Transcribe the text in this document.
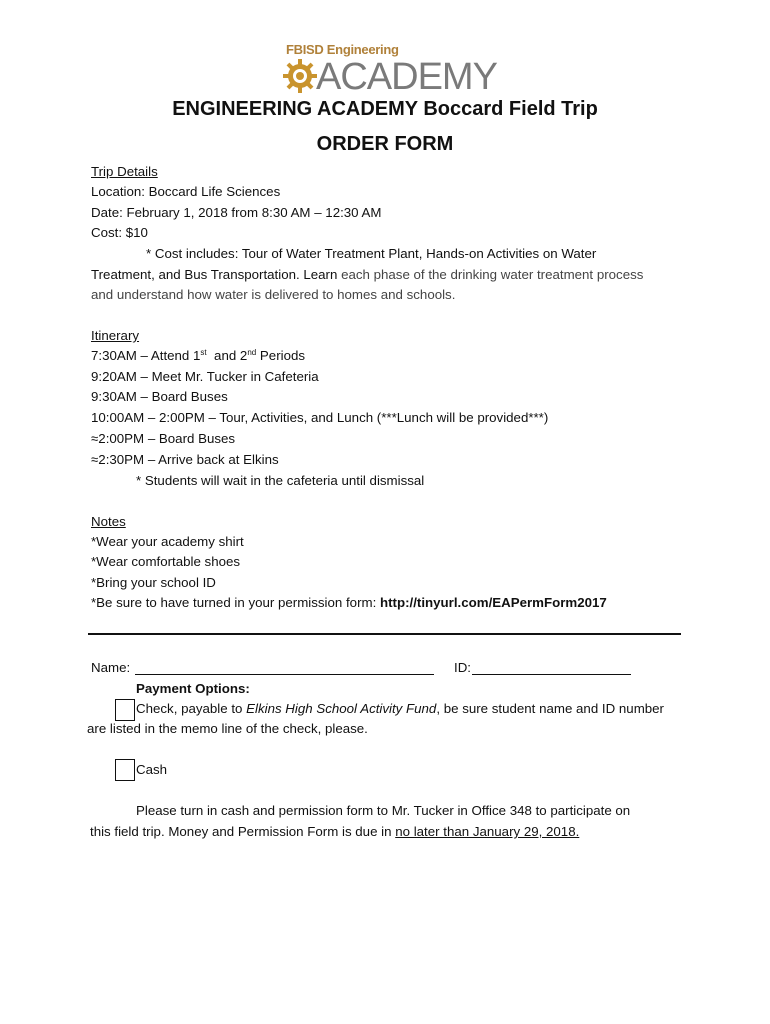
FBISD Engineering
ACADEMY
ENGINEERING ACADEMY Boccard Field Trip
ORDER FORM
Trip Details
Location: Boccard Life Sciences
Date: February 1, 2018 from 8:30 AM – 12:30 AM
Cost: $10
* Cost includes: Tour of Water Treatment Plant, Hands-on Activities on Water
Treatment, and Bus Transportation. Learn each phase of the drinking water treatment process
and understand how water is delivered to homes and schools.
Itinerary
7:30AM – Attend 1st  and 2nd Periods
9:20AM – Meet Mr. Tucker in Cafeteria
9:30AM – Board Buses
10:00AM – 2:00PM – Tour, Activities, and Lunch (***Lunch will be provided***)
≈2:00PM – Board Buses
≈2:30PM – Arrive back at Elkins
* Students will wait in the cafeteria until dismissal
Notes
*Wear your academy shirt
*Wear comfortable shoes
*Bring your school ID
*Be sure to have turned in your permission form: http://tinyurl.com/EAPermForm2017
Name:	ID:
Payment Options:
Check, payable to Elkins High School Activity Fund, be sure student name and ID number
are listed in the memo line of the check, please.
Cash
Please turn in cash and permission form to Mr. Tucker in Office 348 to participate on
this field trip. Money and Permission Form is due in no later than January 29, 2018.
